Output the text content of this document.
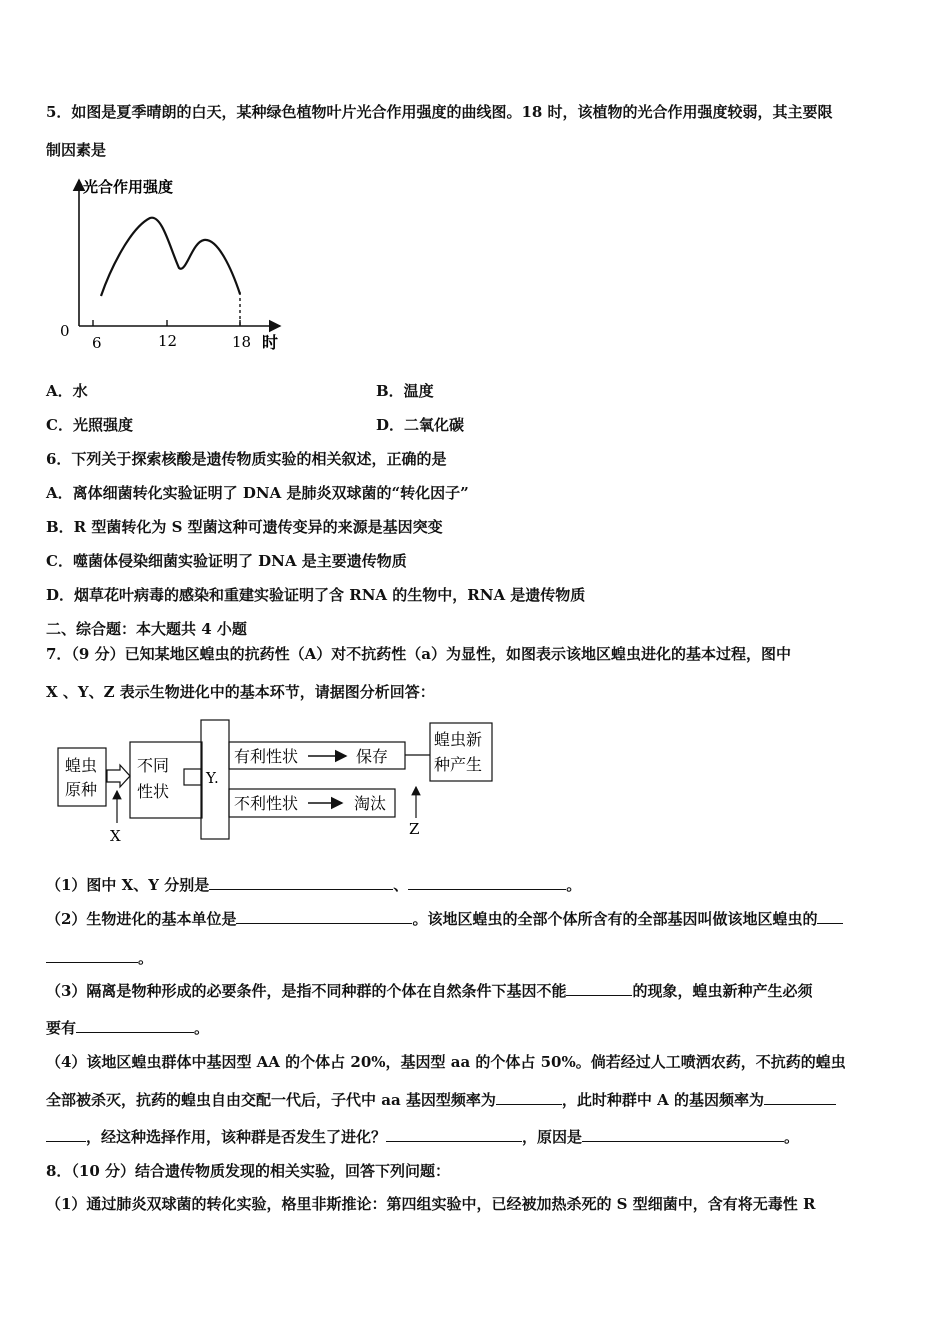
5．如图是夏季晴朗的白天，某种绿色植物叶片光合作用强度的曲线图。18 时，该植物的光合作用强度较弱，其主要限
制因素是
光合作用强度
0
6	12	18 时
A．水	B．温度
C．光照强度	D．二氧化碳
6．下列关于探索核酸是遗传物质实验的相关叙述，正确的是
A．离体细菌转化实验证明了 DNA 是肺炎双球菌的“转化因子”
B．R 型菌转化为 S 型菌这种可遗传变异的来源是基因突变
C．噬菌体侵染细菌实验证明了 DNA 是主要遗传物质
D．烟草花叶病毒的感染和重建实验证明了含 RNA 的生物中，RNA 是遗传物质
二、综合题：本大题共 4 小题
7．（9 分）已知某地区蝗虫的抗药性（A）对不抗药性（a）为显性，如图表示该地区蝗虫进化的基本过程，图中
X 、Y、Z 表示生物进化中的基本环节，请据图分析回答：
蝗虫
原种
X
不同
性状
Y.
有利性状	保存
蝗虫新
种产生
不利性状	淘汰
Z
（1）图中 X、Y 分别是	、	。
（2）生物进化的基本单位是	。该地区蝗虫的全部个体所含有的全部基因叫做该地区蝗虫的
。
（3）隔离是物种形成的必要条件，是指不同种群的个体在自然条件下基因不能	的现象，蝗虫新种产生必须
要有	。
（4）该地区蝗虫群体中基因型 AA 的个体占 20%，基因型 aa 的个体占 50%。倘若经过人工喷洒农药，不抗药的蝗虫
全部被杀灭，抗药的蝗虫自由交配一代后，子代中 aa 基因型频率为	，此时种群中 A 的基因频率为
，经这种选择作用，该种群是否发生了进化？	，原因是	。
8．（10 分）结合遗传物质发现的相关实验，回答下列问题：
（1）通过肺炎双球菌的转化实验，格里非斯推论：第四组实验中，已经被加热杀死的 S 型细菌中，含有将无毒性 R
